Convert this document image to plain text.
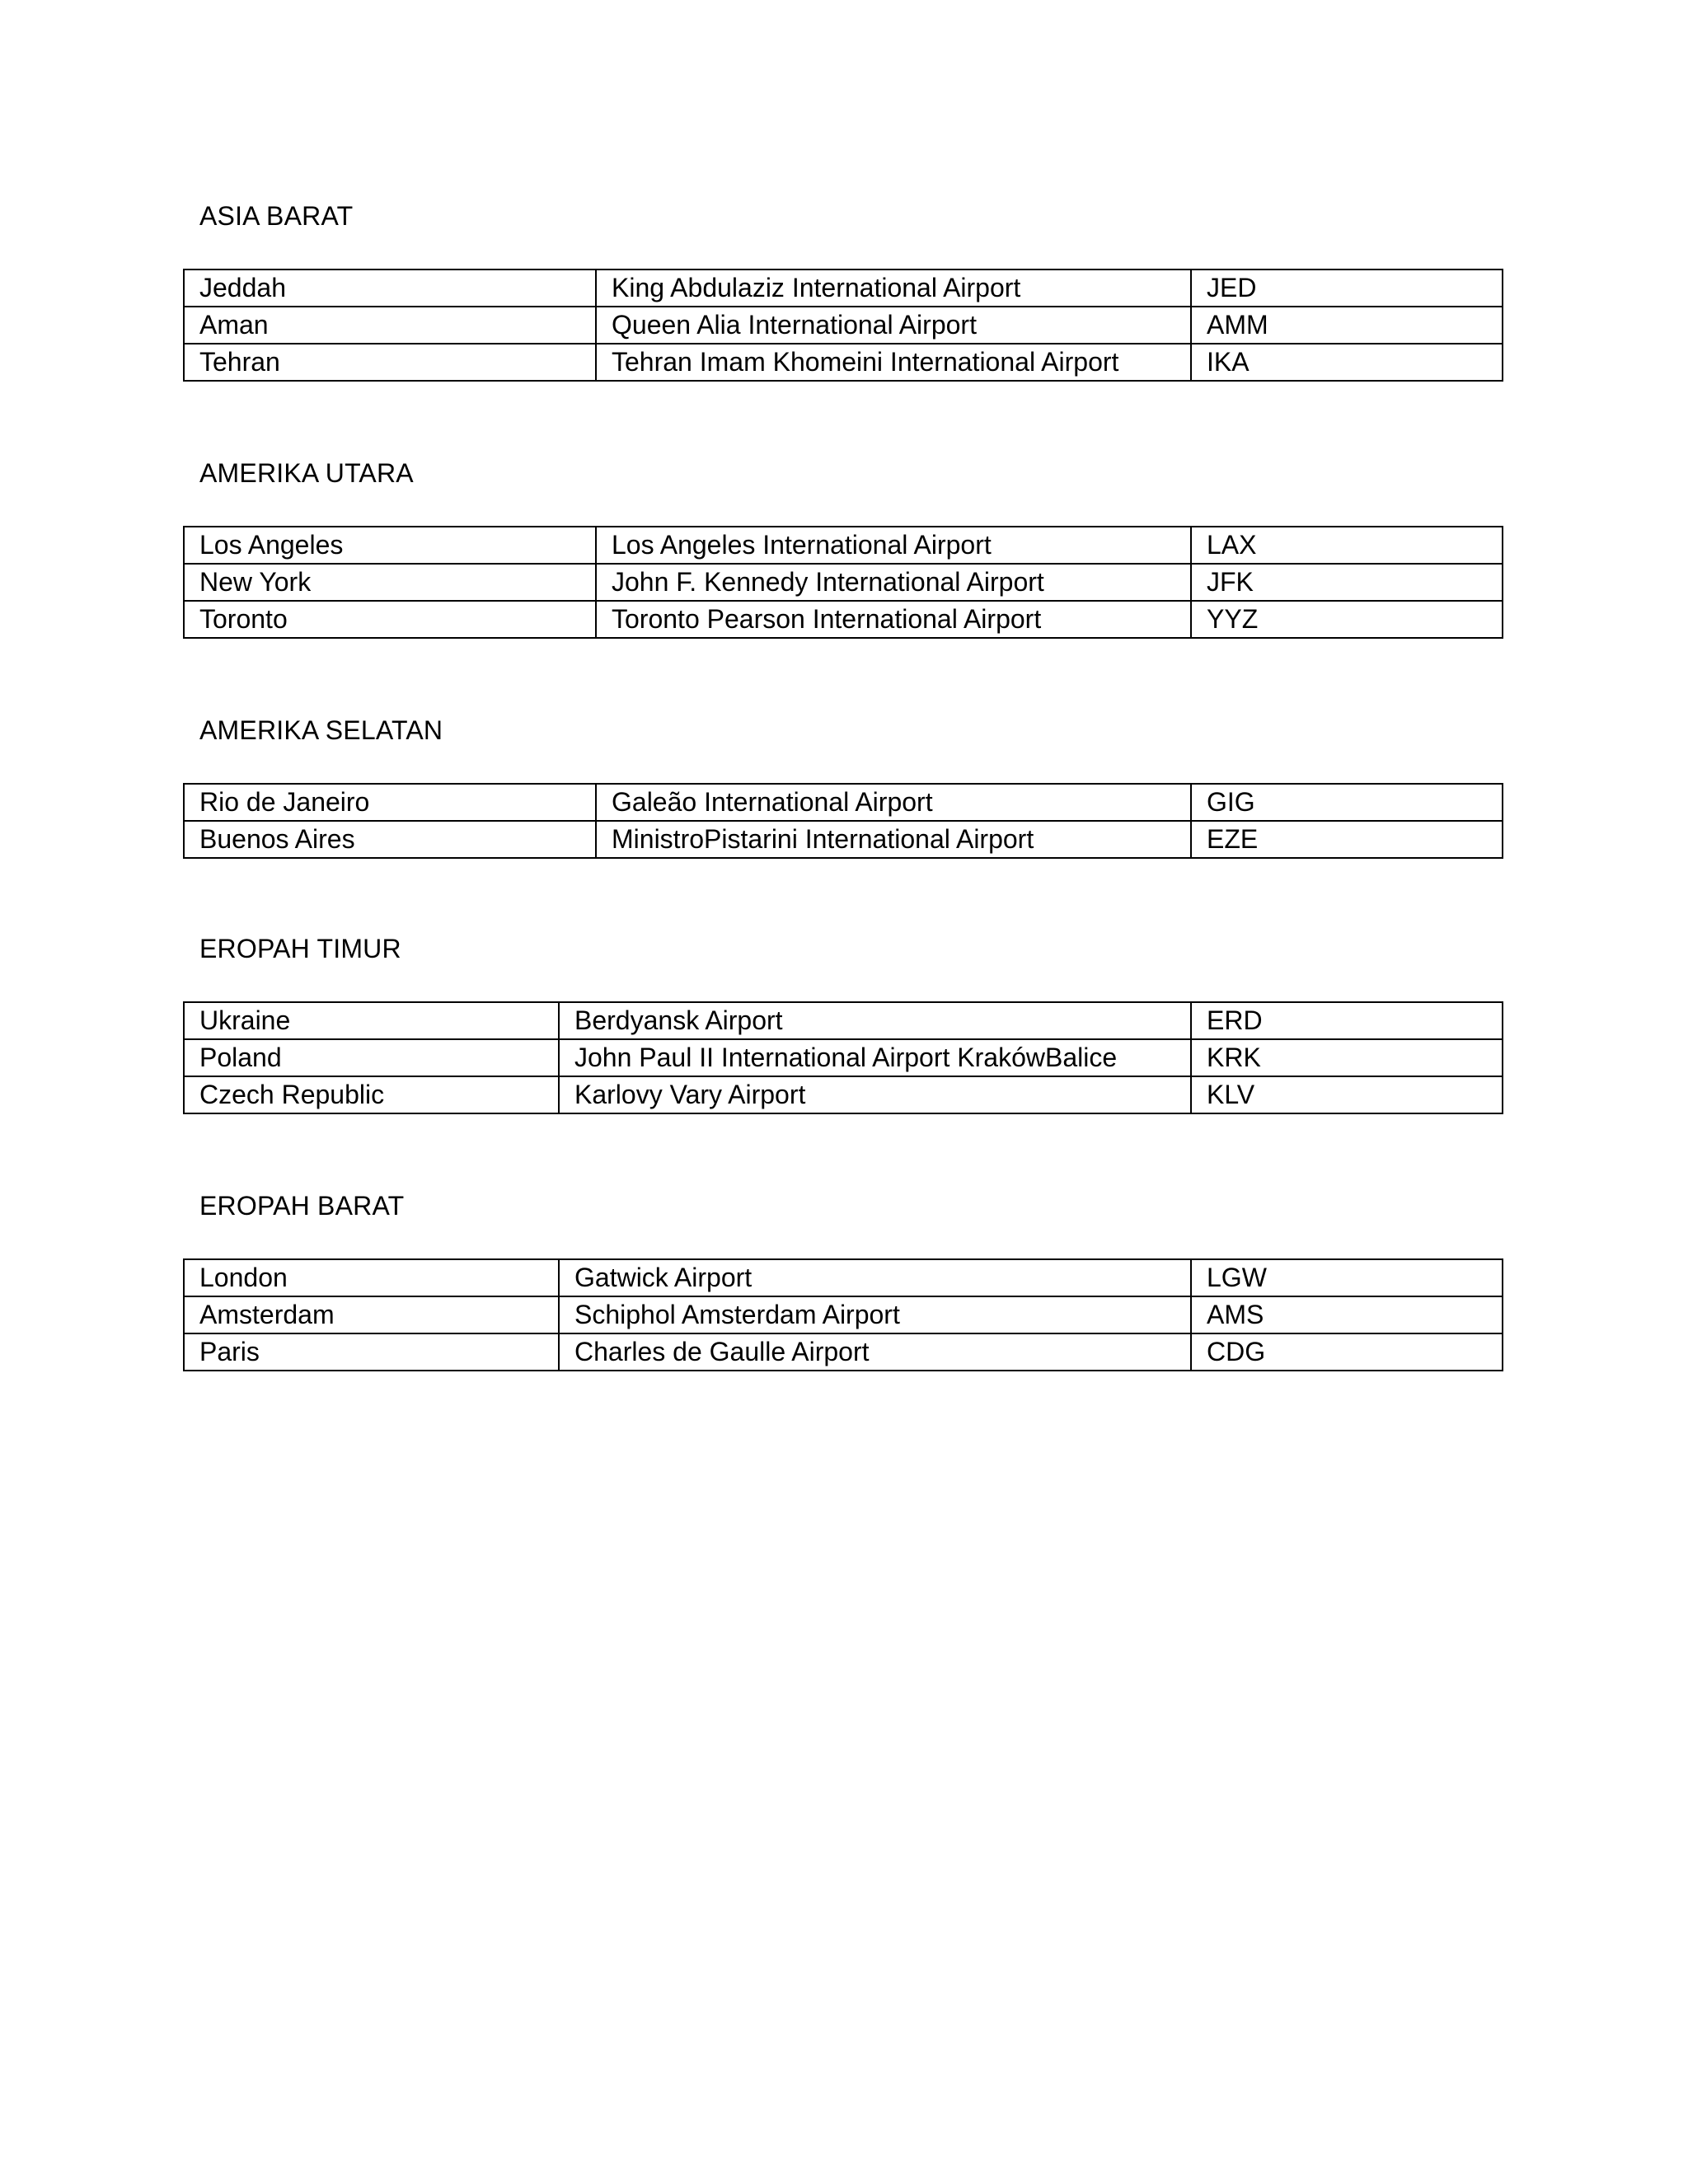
ASIA BARAT

Jeddah	King Abdulaziz International Airport	JED
Aman	Queen Alia International Airport	AMM
Tehran	Tehran Imam Khomeini International Airport	IKA

AMERIKA UTARA

Los Angeles	Los Angeles International Airport	LAX
New York	John F. Kennedy International Airport	JFK
Toronto	Toronto Pearson International Airport	YYZ

AMERIKA SELATAN

Rio de Janeiro	Galeão International Airport	GIG
Buenos Aires	MinistroPistarini International Airport	EZE

EROPAH TIMUR

Ukraine	Berdyansk Airport	ERD
Poland	John Paul II International Airport KrakówBalice	KRK
Czech Republic	Karlovy Vary Airport	KLV

EROPAH BARAT

London	Gatwick Airport	LGW
Amsterdam	Schiphol Amsterdam Airport	AMS
Paris	Charles de Gaulle Airport	CDG
